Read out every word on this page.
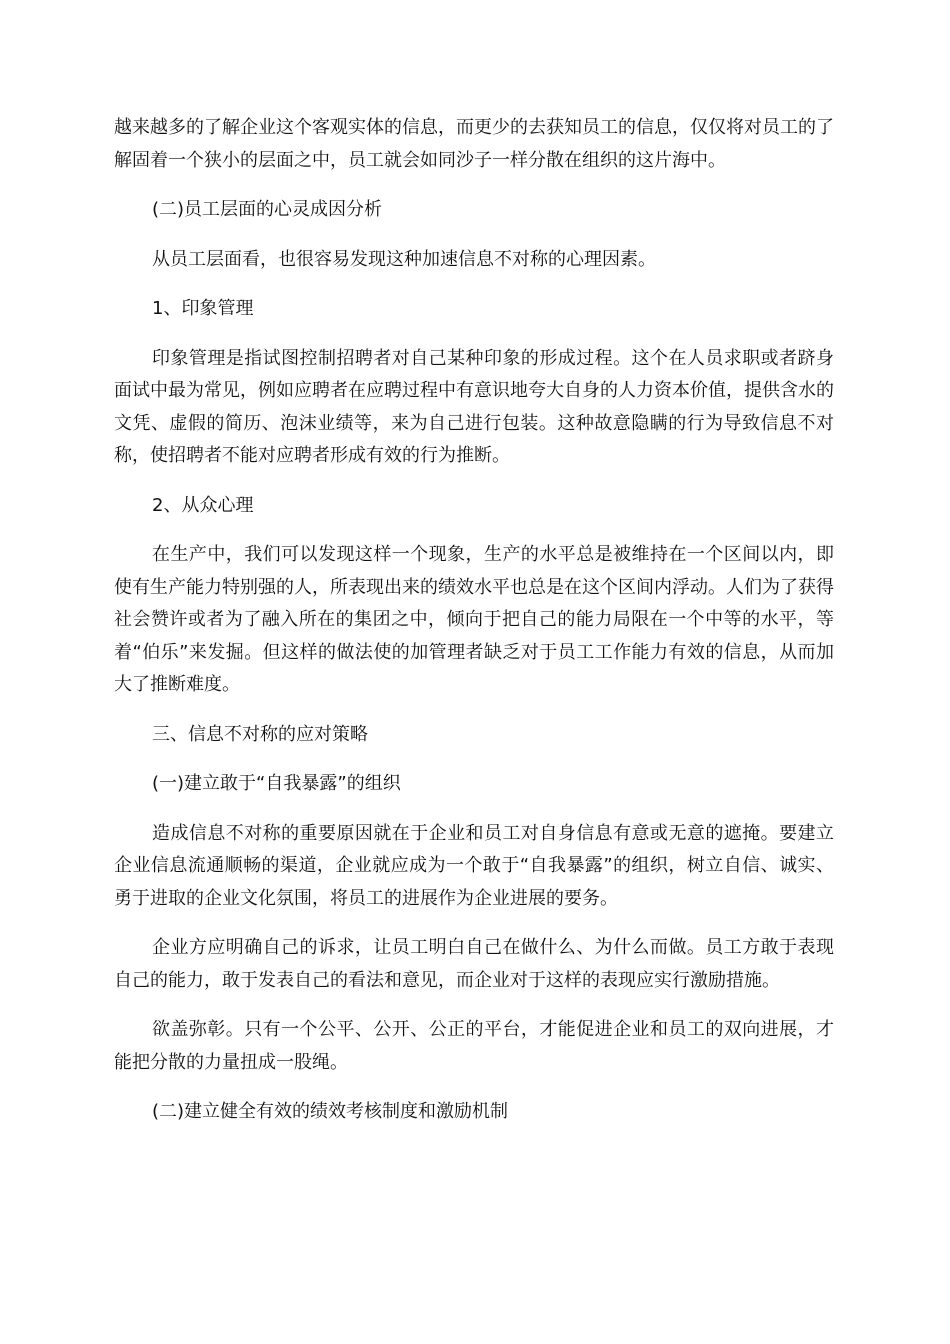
越来越多的了解企业这个客观实体的信息，而更少的去获知员工的信息，仅仅将对员工的了解固着一个狭小的层面之中，员工就会如同沙子一样分散在组织的这片海中。

(二)员工层面的心灵成因分析

从员工层面看，也很容易发现这种加速信息不对称的心理因素。

1、印象管理

印象管理是指试图控制招聘者对自己某种印象的形成过程。这个在人员求职或者跻身面试中最为常见，例如应聘者在应聘过程中有意识地夸大自身的人力资本价值，提供含水的文凭、虚假的简历、泡沫业绩等，来为自己进行包装。这种故意隐瞒的行为导致信息不对称，使招聘者不能对应聘者形成有效的行为推断。

2、从众心理

在生产中，我们可以发现这样一个现象，生产的水平总是被维持在一个区间以内，即使有生产能力特别强的人，所表现出来的绩效水平也总是在这个区间内浮动。人们为了获得社会赞许或者为了融入所在的集团之中，倾向于把自己的能力局限在一个中等的水平，等着“伯乐”来发掘。但这样的做法使的加管理者缺乏对于员工工作能力有效的信息，从而加大了推断难度。

三、信息不对称的应对策略

(一)建立敢于“自我暴露”的组织

造成信息不对称的重要原因就在于企业和员工对自身信息有意或无意的遮掩。要建立企业信息流通顺畅的渠道，企业就应成为一个敢于“自我暴露”的组织，树立自信、诚实、勇于进取的企业文化氛围，将员工的进展作为企业进展的要务。

企业方应明确自己的诉求，让员工明白自己在做什么、为什么而做。员工方敢于表现自己的能力，敢于发表自己的看法和意见，而企业对于这样的表现应实行激励措施。

欲盖弥彰。只有一个公平、公开、公正的平台，才能促进企业和员工的双向进展，才能把分散的力量扭成一股绳。

(二)建立健全有效的绩效考核制度和激励机制
